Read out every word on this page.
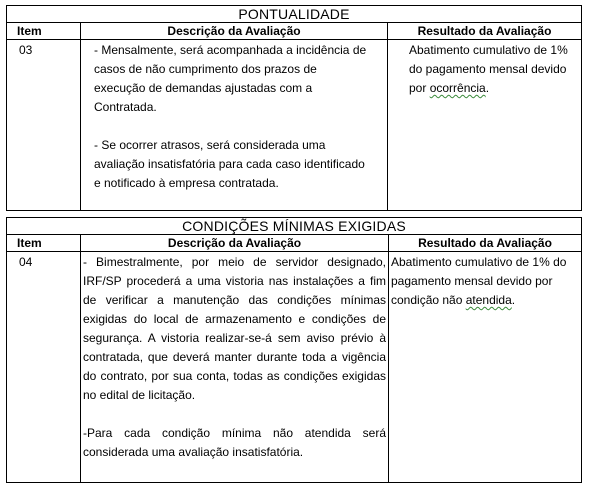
PONTUALIDADE		
Item	Descrição da Avaliação	Resultado da Avaliação
03	- Mensalmente, será acompanhada a incidência de casos de não cumprimento dos prazos de execução de demandas ajustadas com a Contratada.

- Se ocorrer atrasos, será considerada uma avaliação insatisfatória para cada caso identificado e notificado à empresa contratada.	Abatimento cumulativo de 1% do pagamento mensal devido por ocorrência.
CONDIÇÕES MÍNIMAS EXIGIDAS		
Item	Descrição da Avaliação	Resultado da Avaliação
04	- Bimestralmente, por meio de servidor designado, IRF/SP procederá a uma vistoria nas instalações a fim de verificar a manutenção das condições mínimas exigidas do local de armazenamento e condições de segurança. A vistoria realizar-se-á sem aviso prévio à contratada, que deverá manter durante toda a vigência do contrato, por sua conta, todas as condições exigidas no edital de licitação.

-Para cada condição mínima não atendida será considerada uma avaliação insatisfatória.	Abatimento cumulativo de 1% do pagamento mensal devido por condição não atendida.
